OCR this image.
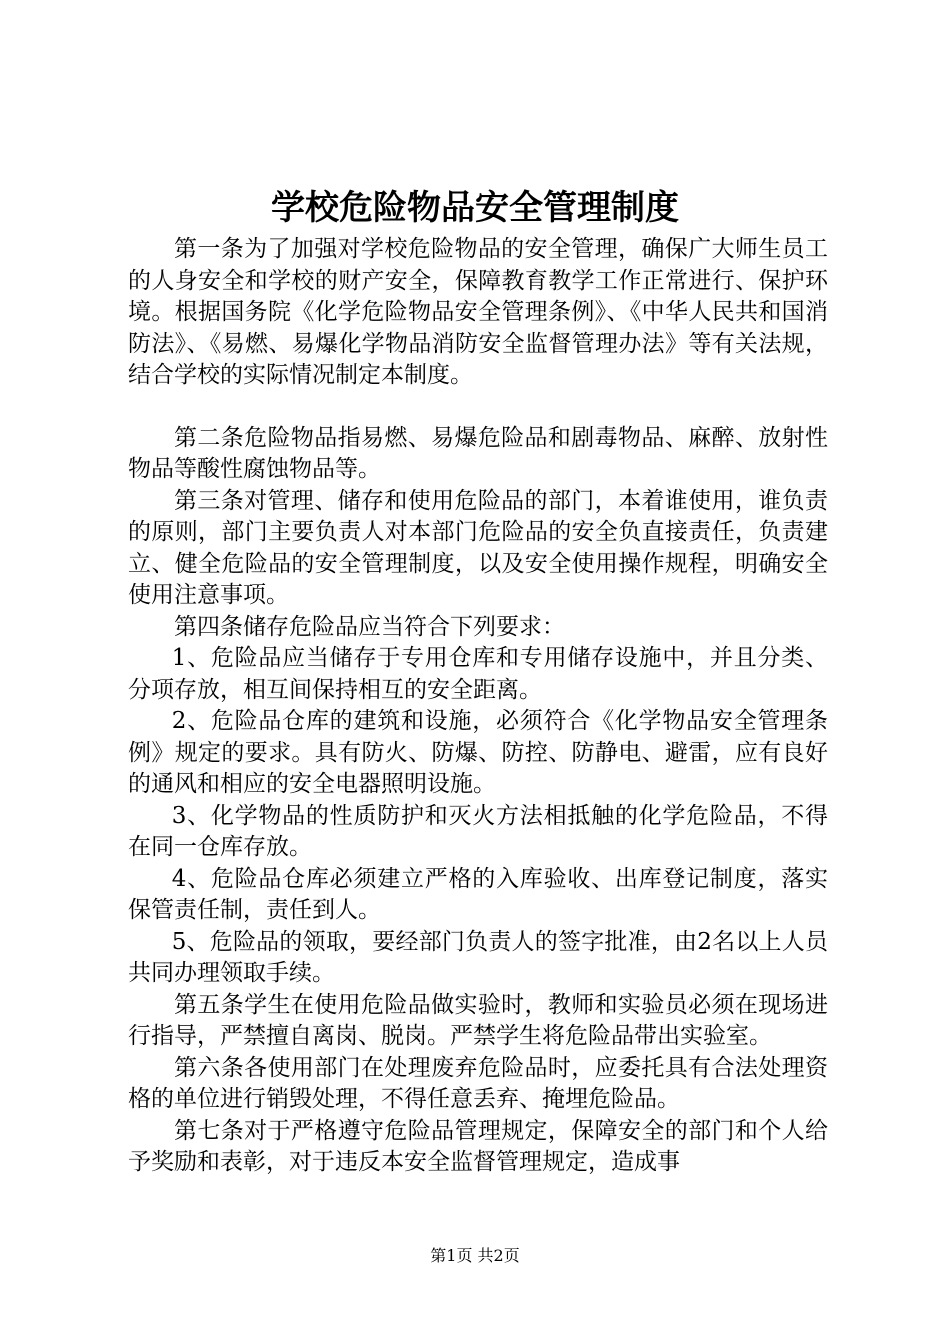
学校危险物品安全管理制度

第一条为了加强对学校危险物品的安全管理，确保广大师生员工的人身安全和学校的财产安全，保障教育教学工作正常进行、保护环境。根据国务院《化学危险物品安全管理条例》、《中华人民共和国消防法》、《易燃、易爆化学物品消防安全监督管理办法》等有关法规，结合学校的实际情况制定本制度。

第二条危险物品指易燃、易爆危险品和剧毒物品、麻醉、放射性物品等酸性腐蚀物品等。

第三条对管理、储存和使用危险品的部门，本着谁使用，谁负责的原则，部门主要负责人对本部门危险品的安全负直接责任，负责建立、健全危险品的安全管理制度，以及安全使用操作规程，明确安全使用注意事项。

第四条储存危险品应当符合下列要求：

1、危险品应当储存于专用仓库和专用储存设施中，并且分类、分项存放，相互间保持相互的安全距离。

2、危险品仓库的建筑和设施，必须符合《化学物品安全管理条例》规定的要求。具有防火、防爆、防控、防静电、避雷，应有良好的通风和相应的安全电器照明设施。

3、化学物品的性质防护和灭火方法相抵触的化学危险品，不得在同一仓库存放。

4、危险品仓库必须建立严格的入库验收、出库登记制度，落实保管责任制，责任到人。

5、危险品的领取，要经部门负责人的签字批准，由2名以上人员共同办理领取手续。

第五条学生在使用危险品做实验时，教师和实验员必须在现场进行指导，严禁擅自离岗、脱岗。严禁学生将危险品带出实验室。

第六条各使用部门在处理废弃危险品时，应委托具有合法处理资格的单位进行销毁处理，不得任意丢弃、掩埋危险品。

第七条对于严格遵守危险品管理规定，保障安全的部门和个人给予奖励和表彰，对于违反本安全监督管理规定，造成事

第1页 共2页
